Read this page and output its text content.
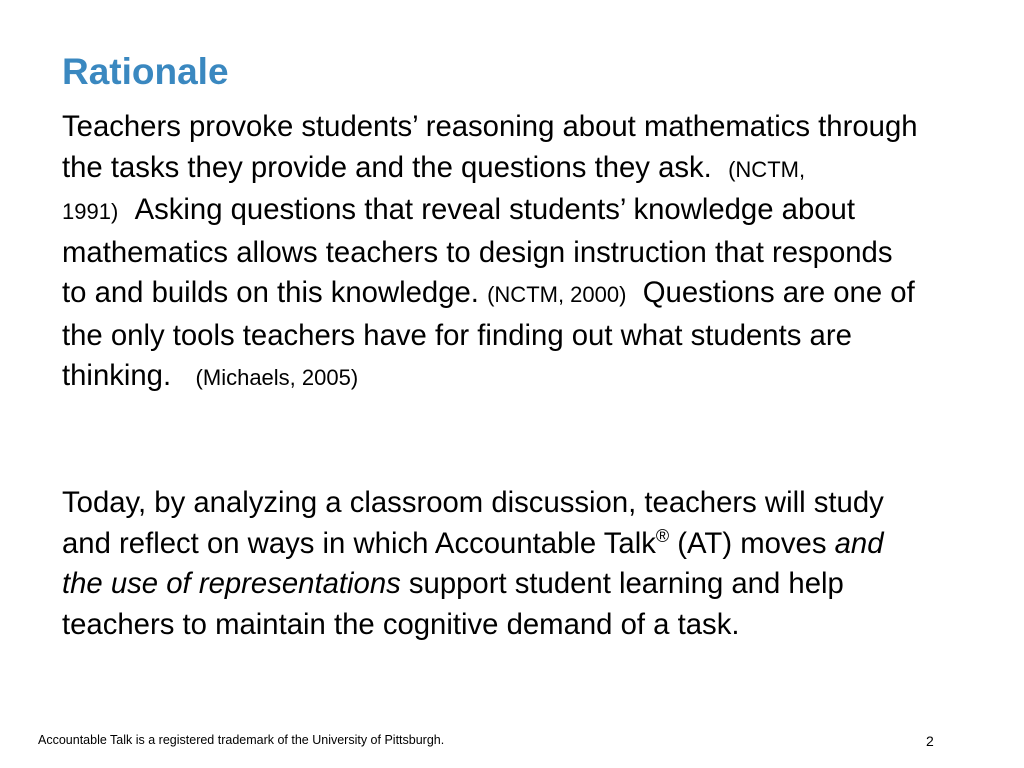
Rationale

Teachers provoke students’ reasoning about mathematics through the tasks they provide and the questions they ask. (NCTM, 1991) Asking questions that reveal students’ knowledge about mathematics allows teachers to design instruction that responds to and builds on this knowledge. (NCTM, 2000) Questions are one of the only tools teachers have for finding out what students are thinking. (Michaels, 2005)

Today, by analyzing a classroom discussion, teachers will study and reflect on ways in which Accountable Talk® (AT) moves and the use of representations support student learning and help teachers to maintain the cognitive demand of a task.

Accountable Talk is a registered trademark of the University of Pittsburgh.	2
